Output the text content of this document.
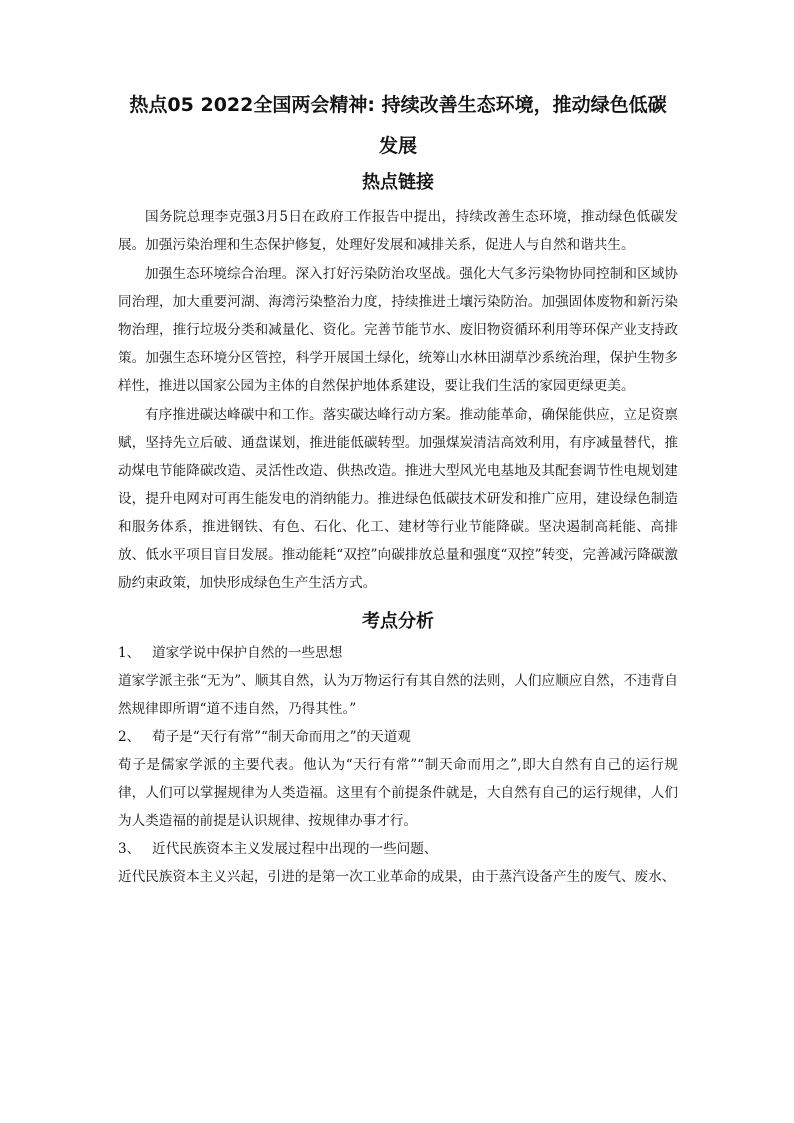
热点05 2022全国两会精神: 持续改善生态环境，推动绿色低碳
发展
热点链接

国务院总理李克强3月5日在政府工作报告中提出，持续改善生态环境，推动绿色低碳发展。加强污染治理和生态保护修复，处理好发展和减排关系，促进人与自然和谐共生。

加强生态环境综合治理。深入打好污染防治攻坚战。强化大气多污染物协同控制和区域协同治理，加大重要河湖、海湾污染整治力度，持续推进土壤污染防治。加强固体废物和新污染物治理，推行垃圾分类和减量化、资化。完善节能节水、废旧物资循环利用等环保产业支持政策。加强生态环境分区管控，科学开展国土绿化，统筹山水林田湖草沙系统治理，保护生物多样性，推进以国家公园为主体的自然保护地体系建设，要让我们生活的家园更绿更美。

有序推进碳达峰碳中和工作。落实碳达峰行动方案。推动能革命，确保能供应，立足资禀赋，坚持先立后破、通盘谋划，推进能低碳转型。加强煤炭清洁高效利用，有序减量替代，推动煤电节能降碳改造、灵活性改造、供热改造。推进大型风光电基地及其配套调节性电规划建设，提升电网对可再生能发电的消纳能力。推进绿色低碳技术研发和推广应用，建设绿色制造和服务体系，推进钢铁、有色、石化、化工、建材等行业节能降碳。坚决遏制高耗能、高排放、低水平项目盲目发展。推动能耗“双控”向碳排放总量和强度“双控”转变，完善减污降碳激励约束政策，加快形成绿色生产生活方式。

考点分析

1、 道家学说中保护自然的一些思想

道家学派主张“无为”、顺其自然，认为万物运行有其自然的法则，人们应顺应自然，不违背自然规律即所谓“道不违自然，乃得其性。”

2、 荀子是“天行有常”“制天命而用之”的天道观

荀子是儒家学派的主要代表。他认为“天行有常”“制天命而用之”,即大自然有自己的运行规律，人们可以掌握规律为人类造福。这里有个前提条件就是，大自然有自己的运行规律，人们为人类造福的前提是认识规律、按规律办事才行。

3、 近代民族资本主义发展过程中出现的一些问题、

近代民族资本主义兴起，引进的是第一次工业革命的成果，由于蒸汽设备产生的废气、废水、
